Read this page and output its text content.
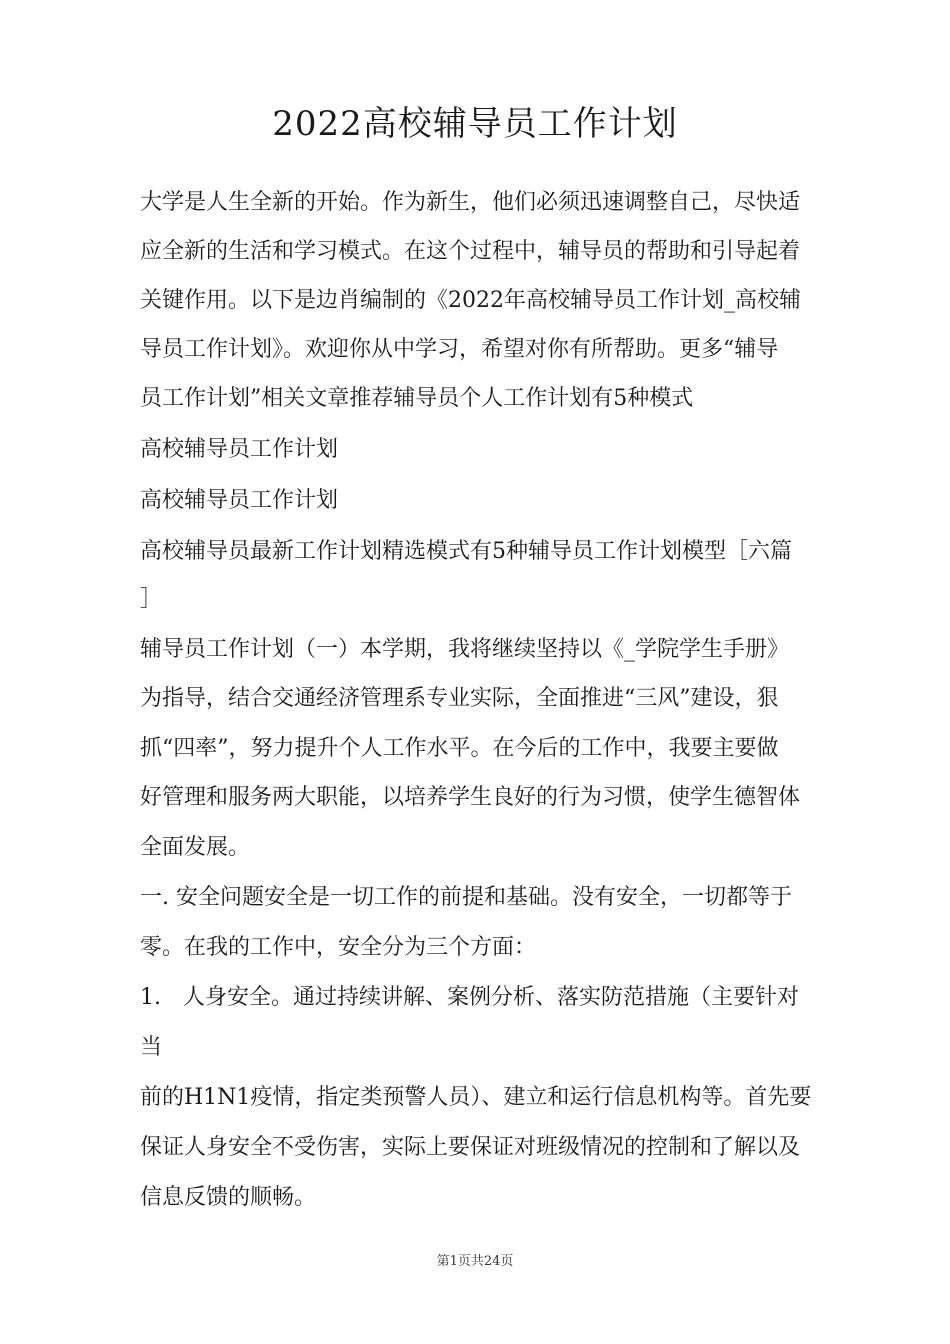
2022高校辅导员工作计划
大学是人生全新的开始。作为新生，他们必须迅速调整自己，尽快适
应全新的生活和学习模式。在这个过程中，辅导员的帮助和引导起着
关键作用。以下是边肖编制的《2022年高校辅导员工作计划_高校辅
导员工作计划》。欢迎你从中学习，希望对你有所帮助。更多“辅导
员工作计划”相关文章推荐辅导员个人工作计划有5种模式
高校辅导员工作计划
高校辅导员工作计划
高校辅导员最新工作计划精选模式有5种辅导员工作计划模型［六篇
］
辅导员工作计划（一）本学期，我将继续坚持以《_学院学生手册》
为指导，结合交通经济管理系专业实际，全面推进“三风”建设，狠
抓“四率”，努力提升个人工作水平。在今后的工作中，我要主要做
好管理和服务两大职能，以培养学生良好的行为习惯，使学生德智体
全面发展。
一. 安全问题安全是一切工作的前提和基础。没有安全，一切都等于
零。在我的工作中，安全分为三个方面：
1.　人身安全。通过持续讲解、案例分析、落实防范措施（主要针对
当
前的H1N1疫情，指定类预警人员）、建立和运行信息机构等。首先要
保证人身安全不受伤害，实际上要保证对班级情况的控制和了解以及
信息反馈的顺畅。
第1页共24页
